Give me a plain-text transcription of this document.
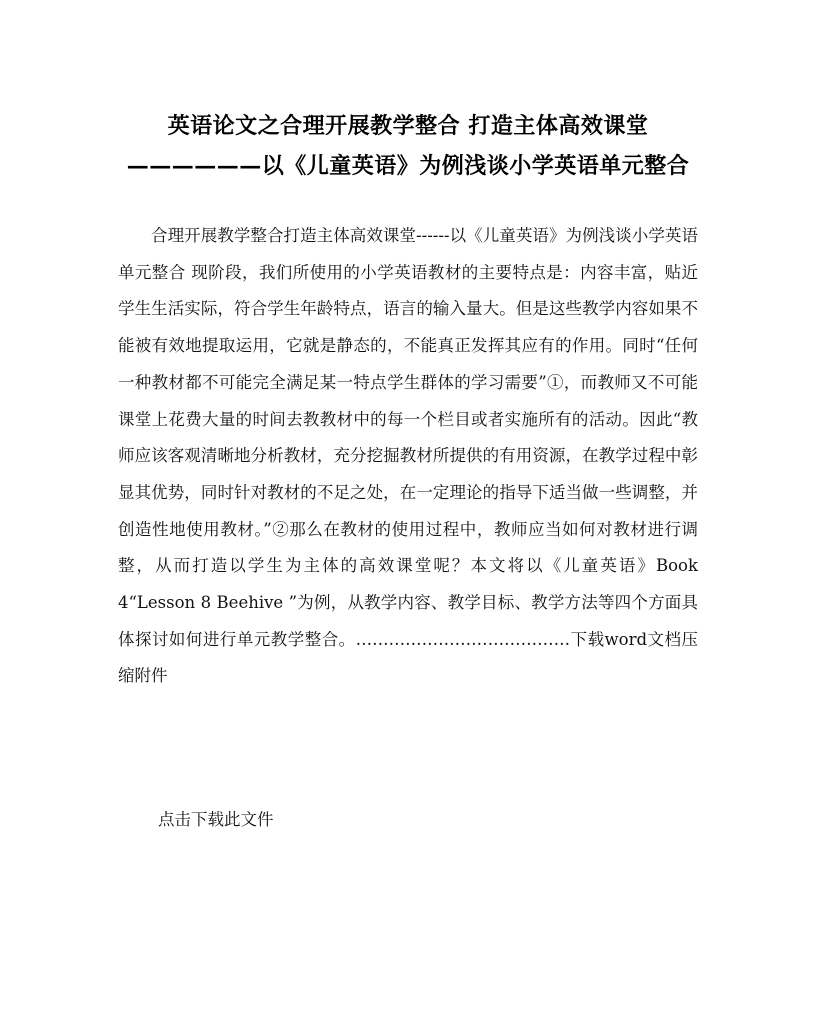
英语论文之合理开展教学整合 打造主体高效课堂——————以《儿童英语》为例浅谈小学英语单元整合

合理开展教学整合打造主体高效课堂------以《儿童英语》为例浅谈小学英语单元整合 现阶段，我们所使用的小学英语教材的主要特点是：内容丰富，贴近学生生活实际，符合学生年龄特点，语言的输入量大。但是这些教学内容如果不能被有效地提取运用，它就是静态的，不能真正发挥其应有的作用。同时“任何一种教材都不可能完全满足某一特点学生群体的学习需要”①，而教师又不可能课堂上花费大量的时间去教教材中的每一个栏目或者实施所有的活动。因此“教师应该客观清晰地分析教材，充分挖掘教材所提供的有用资源，在教学过程中彰显其优势，同时针对教材的不足之处，在一定理论的指导下适当做一些调整，并创造性地使用教材。”②那么在教材的使用过程中，教师应当如何对教材进行调整，从而打造以学生为主体的高效课堂呢？本文将以《儿童英语》Book 4“Lesson 8 Beehive ”为例，从教学内容、教学目标、教学方法等四个方面具体探讨如何进行单元教学整合。…………………………………下载word文档压缩附件

点击下载此文件
